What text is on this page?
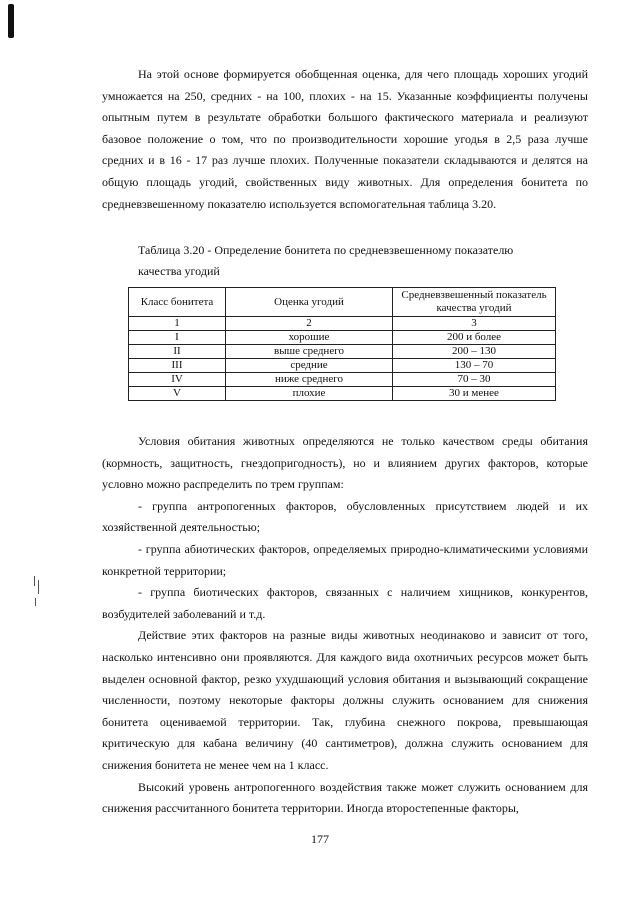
На этой основе формируется обобщенная оценка, для чего площадь хороших угодий умножается на 250, средних - на 100, плохих - на 15. Указанные коэффициенты получены опытным путем в результате обработки большого фактического материала и реализуют базовое положение о том, что по производительности хорошие угодья в 2,5 раза лучше средних и в 16 - 17 раз лучше плохих. Полученные показатели складываются и делятся на общую площадь угодий, свойственных виду животных. Для определения бонитета по средневзвешенному показателю используется вспомогательная таблица 3.20.

Таблица 3.20 - Определение бонитета по средневзвешенному показателю качества угодий

Класс бонитета	Оценка угодий	Средневзвешенный показатель качества угодий
1	2	3
I	хорошие	200 и более
II	выше среднего	200 – 130
III	средние	130 – 70
IV	ниже среднего	70 – 30
V	плохие	30 и менее

Условия обитания животных определяются не только качеством среды обитания (кормность, защитность, гнездопригодность), но и влиянием других факторов, которые условно можно распределить по трем группам:

- группа антропогенных факторов, обусловленных присутствием людей и их хозяйственной деятельностью;

- группа абиотических факторов, определяемых природно-климатическими условиями конкретной территории;

- группа биотических факторов, связанных с наличием хищников, конкурентов, возбудителей заболеваний и т.д.

Действие этих факторов на разные виды животных неодинаково и зависит от того, насколько интенсивно они проявляются. Для каждого вида охотничьих ресурсов может быть выделен основной фактор, резко ухудшающий условия обитания и вызывающий сокращение численности, поэтому некоторые факторы должны служить основанием для снижения бонитета оцениваемой территории. Так, глубина снежного покрова, превышающая критическую для кабана величину (40 сантиметров), должна служить основанием для снижения бонитета не менее чем на 1 класс.

Высокий уровень антропогенного воздействия также может служить основанием для снижения рассчитанного бонитета территории. Иногда второстепенные факторы,

177
